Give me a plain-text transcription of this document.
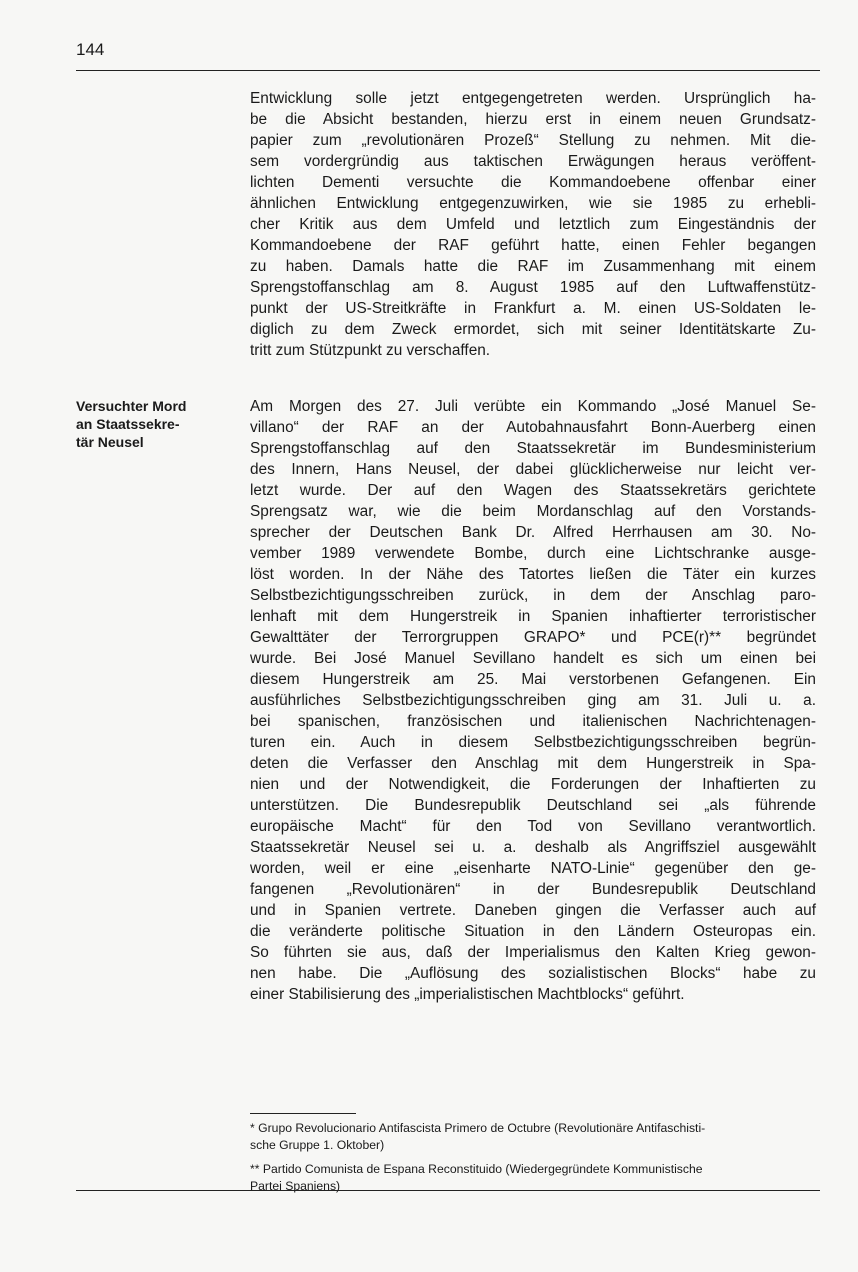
144
Versuchter Mord
an Staatssekre-
tär Neusel
Entwicklung solle jetzt entgegengetreten werden. Ursprünglich ha-
be die Absicht bestanden, hierzu erst in einem neuen Grundsatz-
papier zum „revolutionären Prozeß“ Stellung zu nehmen. Mit die-
sem vordergründig aus taktischen Erwägungen heraus veröffent-
lichten Dementi versuchte die Kommandoebene offenbar einer
ähnlichen Entwicklung entgegenzuwirken, wie sie 1985 zu erhebli-
cher Kritik aus dem Umfeld und letztlich zum Eingeständnis der
Kommandoebene der RAF geführt hatte, einen Fehler begangen
zu haben. Damals hatte die RAF im Zusammenhang mit einem
Sprengstoffanschlag am 8. August 1985 auf den Luftwaffenstütz-
punkt der US-Streitkräfte in Frankfurt a. M. einen US-Soldaten le-
diglich zu dem Zweck ermordet, sich mit seiner Identitätskarte Zu-
tritt zum Stützpunkt zu verschaffen.
Am Morgen des 27. Juli verübte ein Kommando „José Manuel Se-
villano“ der RAF an der Autobahnausfahrt Bonn-Auerberg einen
Sprengstoffanschlag auf den Staatssekretär im Bundesministerium
des Innern, Hans Neusel, der dabei glücklicherweise nur leicht ver-
letzt wurde. Der auf den Wagen des Staatssekretärs gerichtete
Sprengsatz war, wie die beim Mordanschlag auf den Vorstands-
sprecher der Deutschen Bank Dr. Alfred Herrhausen am 30. No-
vember 1989 verwendete Bombe, durch eine Lichtschranke ausge-
löst worden. In der Nähe des Tatortes ließen die Täter ein kurzes
Selbstbezichtigungsschreiben zurück, in dem der Anschlag paro-
lenhaft mit dem Hungerstreik in Spanien inhaftierter terroristischer
Gewalttäter der Terrorgruppen GRAPO* und PCE(r)** begründet
wurde. Bei José Manuel Sevillano handelt es sich um einen bei
diesem Hungerstreik am 25. Mai verstorbenen Gefangenen. Ein
ausführliches Selbstbezichtigungsschreiben ging am 31. Juli u. a.
bei spanischen, französischen und italienischen Nachrichtenagen-
turen ein. Auch in diesem Selbstbezichtigungsschreiben begrün-
deten die Verfasser den Anschlag mit dem Hungerstreik in Spa-
nien und der Notwendigkeit, die Forderungen der Inhaftierten zu
unterstützen. Die Bundesrepublik Deutschland sei „als führende
europäische Macht“ für den Tod von Sevillano verantwortlich.
Staatssekretär Neusel sei u. a. deshalb als Angriffsziel ausgewählt
worden, weil er eine „eisenharte NATO-Linie“ gegenüber den ge-
fangenen „Revolutionären“ in der Bundesrepublik Deutschland
und in Spanien vertrete. Daneben gingen die Verfasser auch auf
die veränderte politische Situation in den Ländern Osteuropas ein.
So führten sie aus, daß der Imperialismus den Kalten Krieg gewon-
nen habe. Die „Auflösung des sozialistischen Blocks“ habe zu
einer Stabilisierung des „imperialistischen Machtblocks“ geführt.
* Grupo Revolucionario Antifascista Primero de Octubre (Revolutionäre Antifaschisti-
sche Gruppe 1. Oktober)
** Partido Comunista de Espana Reconstituido (Wiedergegründete Kommunistische
Partei Spaniens)
